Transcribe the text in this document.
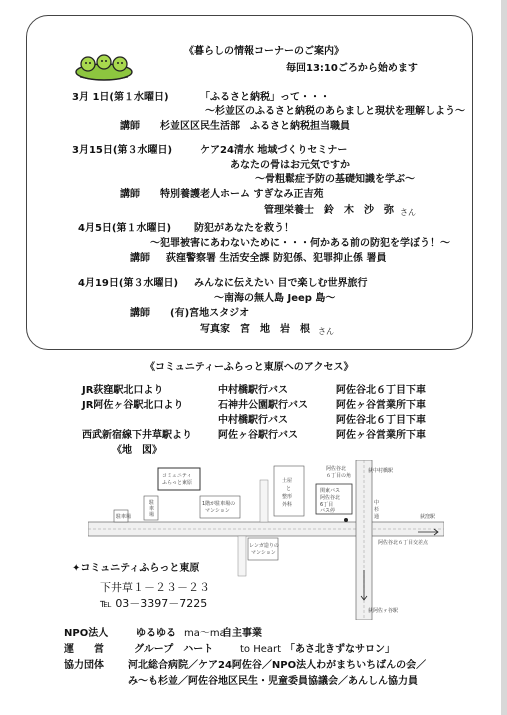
《暮らしの情報コーナーのご案内》
毎回13:10ごろから始めます
3月 1日(第１水曜日)	「ふるさと納税」って・・・
～杉並区のふるさと納税のあらましと現状を理解しよう～
講師 杉並区区民生活部　ふるさと納税担当職員
3月15日(第３水曜日)	ケア24清水 地域づくりセミナー
あなたの骨はお元気ですか
～骨粗鬆症予防の基礎知識を学ぶ～
講師 特別養護老人ホーム すぎなみ正吉苑
管理栄養士　鈴　木　沙　弥 さん
4月5日(第１水曜日) 防犯があなたを救う！
～犯罪被害にあわないために・・・何かある前の防犯を学ぼう！～
講師 荻窪警察署 生活安全課 防犯係、犯罪抑止係 署員
4月19日(第３水曜日) みんなに伝えたい 目で楽しむ世界旅行
～南海の無人島 Jeep 島～
講師 (有)宮地スタジオ
写真家　宮　地　岩　根 さん
《コミュニティーふらっと東原へのアクセス》
JR荻窪駅北口より	中村橋駅行バス	阿佐谷北６丁目下車
JR阿佐ヶ谷駅北口より	石神井公園駅行バス	阿佐ヶ谷営業所下車
中村橋駅行バス	阿佐谷北６丁目下車
西武新宿線下井草駅より	阿佐ヶ谷駅行バス	阿佐ヶ谷営業所下車
《地　図》
コミュニティ
ふらっと東原	土屋
と
整形
外科
1階が駐車場の
マンション
駐車場
駐
車
場
レンガ造りの
マンション
関東バス
阿佐谷北
6丁目
バス停
阿佐谷北
６丁目の角
荻中村橋駅
中
杉
通	荻窪駅
阿佐谷北６丁目交差点
荻阿佐ヶ谷駅
✦コミュニティふらっと東原
下井草１－２３－２３
℡ 03－3397－7225
NPO法人	ゆるゆる ma～ma
自主事業
運　　営	グループ　ハート	to Heart 「あさ北きずなサロン」
協力団体 河北総合病院／ケア24阿佐谷／NPO法人わがまちいちばんの会／
み～も杉並／阿佐谷地区民生・児童委員協議会／あんしん協力員
